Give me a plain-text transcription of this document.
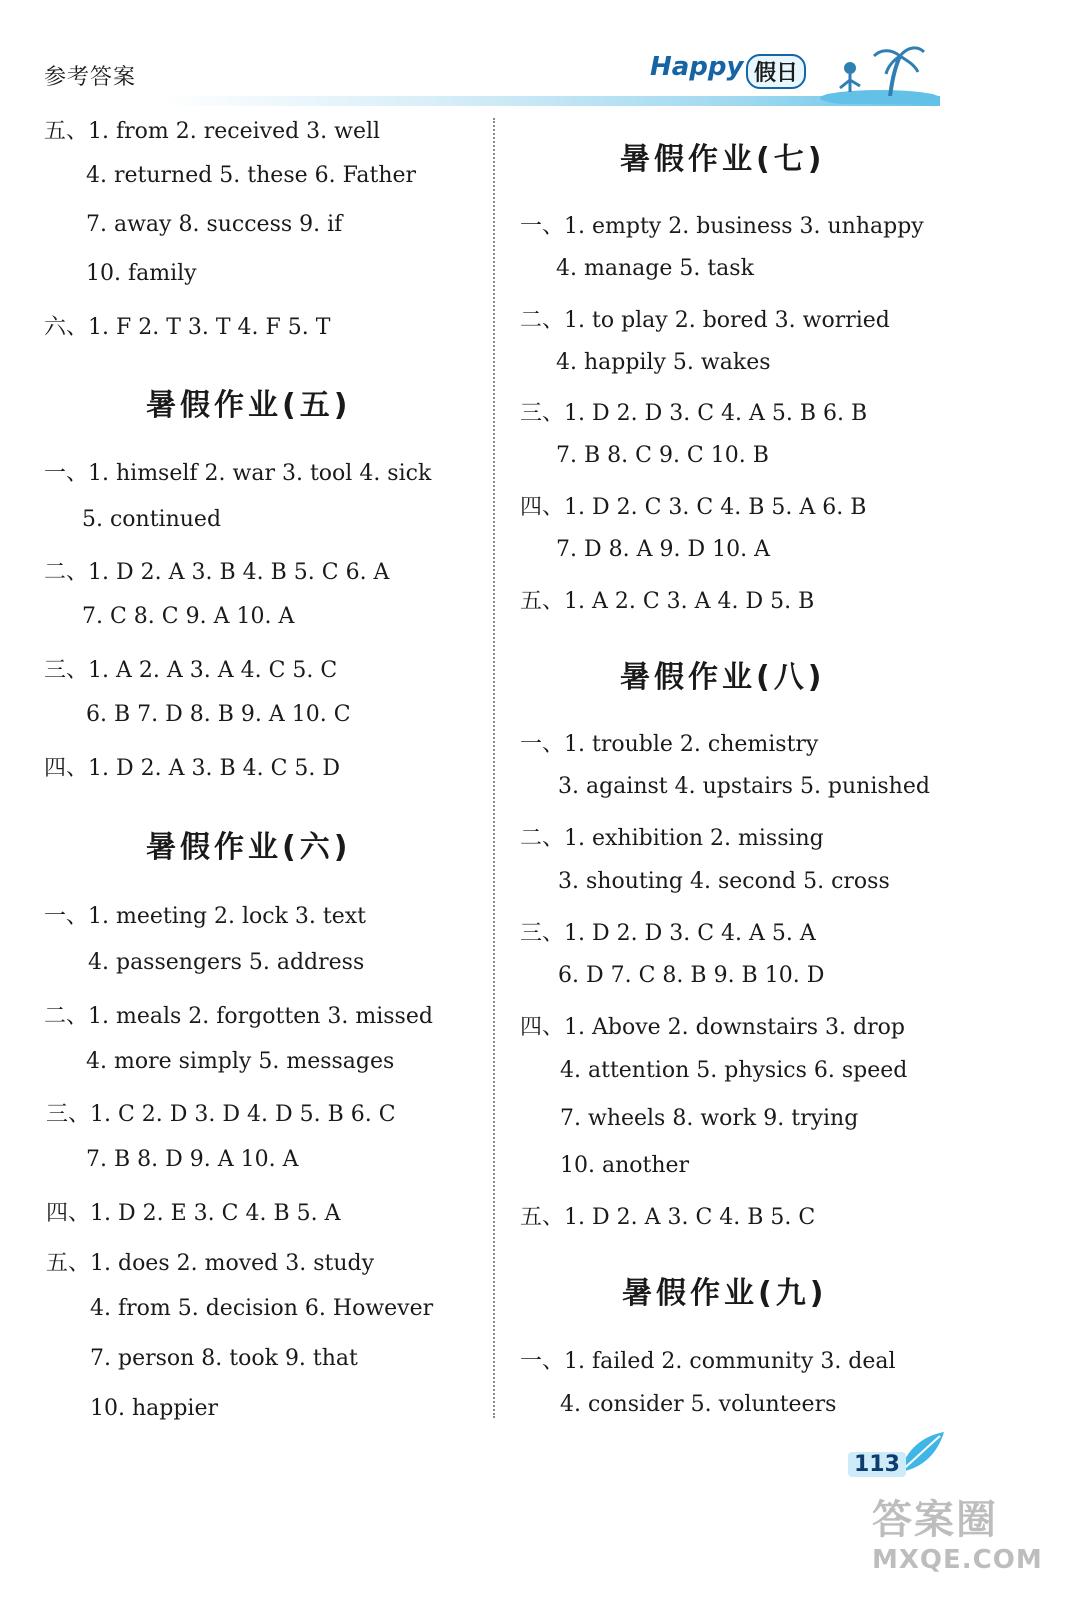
参考答案	Happy 假日
五、1. from 2. received 3. well
4. returned 5. these 6. Father
7. away 8. success 9. if
10. family
六、1. F 2. T 3. T 4. F 5. T
暑假作业(五)
一、1. himself 2. war 3. tool 4. sick
5. continued
二、1. D 2. A 3. B 4. B 5. C 6. A
7. C 8. C 9. A 10. A
三、1. A 2. A 3. A 4. C 5. C
6. B 7. D 8. B 9. A 10. C
四、1. D 2. A 3. B 4. C 5. D
暑假作业(六)
一、1. meeting 2. lock 3. text
4. passengers 5. address
二、1. meals 2. forgotten 3. missed
4. more simply 5. messages
三、1. C 2. D 3. D 4. D 5. B 6. C
7. B 8. D 9. A 10. A
四、1. D 2. E 3. C 4. B 5. A
五、1. does 2. moved 3. study
4. from 5. decision 6. However
7. person 8. took 9. that
10. happier
暑假作业(七)
一、1. empty 2. business 3. unhappy
4. manage 5. task
二、1. to play 2. bored 3. worried
4. happily 5. wakes
三、1. D 2. D 3. C 4. A 5. B 6. B
7. B 8. C 9. C 10. B
四、1. D 2. C 3. C 4. B 5. A 6. B
7. D 8. A 9. D 10. A
五、1. A 2. C 3. A 4. D 5. B
暑假作业(八)
一、1. trouble 2. chemistry
3. against 4. upstairs 5. punished
二、1. exhibition 2. missing
3. shouting 4. second 5. cross
三、1. D 2. D 3. C 4. A 5. A
6. D 7. C 8. B 9. B 10. D
四、1. Above 2. downstairs 3. drop
4. attention 5. physics 6. speed
7. wheels 8. work 9. trying
10. another
五、1. D 2. A 3. C 4. B 5. C
暑假作业(九)
一、1. failed 2. community 3. deal
4. consider 5. volunteers
113
答案圈
MXQE.COM
